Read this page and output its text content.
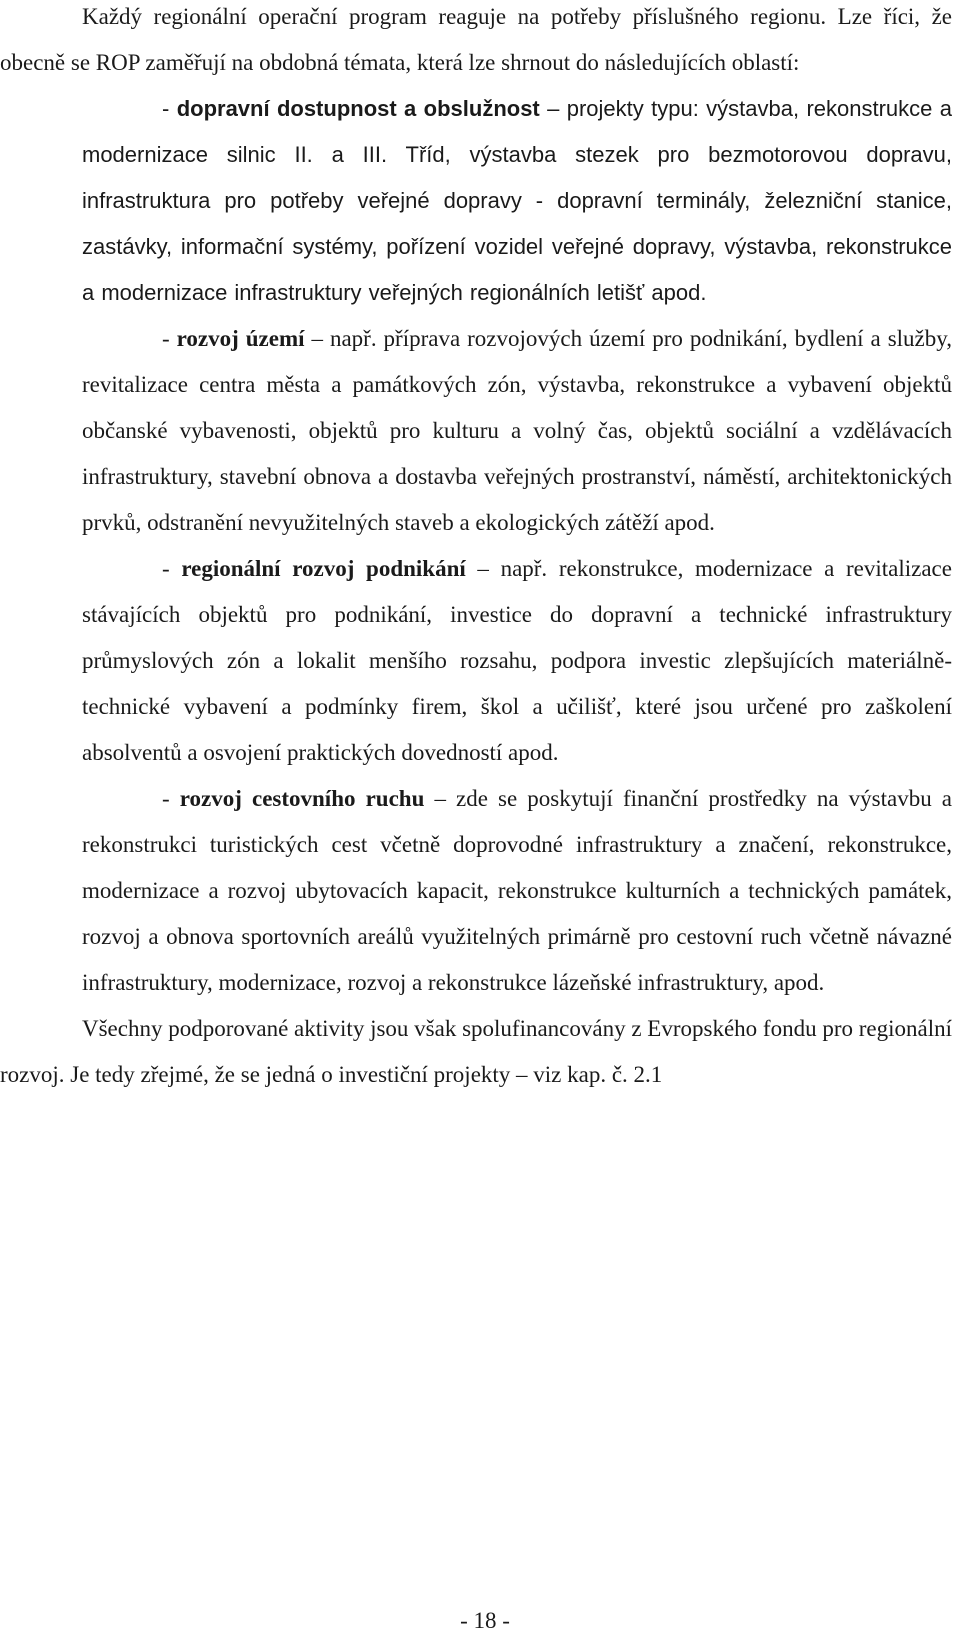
Každý regionální operační program reaguje na potřeby příslušného regionu. Lze říci, že obecně se ROP zaměřují na obdobná témata, která lze shrnout do následujících oblastí:

- dopravní dostupnost a obslužnost – projekty typu: výstavba, rekonstrukce a modernizace silnic II. a III. Tříd, výstavba stezek pro bezmotorovou dopravu, infrastruktura pro potřeby veřejné dopravy - dopravní terminály, železniční stanice, zastávky, informační systémy, pořízení vozidel veřejné dopravy, výstavba, rekonstrukce a modernizace infrastruktury veřejných regionálních letišť apod.

- rozvoj území – např. příprava rozvojových území pro podnikání, bydlení a služby, revitalizace centra města a památkových zón, výstavba, rekonstrukce a vybavení objektů občanské vybavenosti, objektů pro kulturu a volný čas, objektů sociální a vzdělávacích infrastruktury, stavební obnova a dostavba veřejných prostranství, náměstí, architektonických prvků, odstranění nevyužitelných staveb a ekologických zátěží apod.

- regionální rozvoj podnikání – např. rekonstrukce, modernizace a revitalizace stávajících objektů pro podnikání, investice do dopravní a technické infrastruktury průmyslových zón a lokalit menšího rozsahu, podpora investic zlepšujících materiálně-technické vybavení a podmínky firem, škol a učilišť, které jsou určené pro zaškolení absolventů a osvojení praktických dovedností apod.

- rozvoj cestovního ruchu – zde se poskytují finanční prostředky na výstavbu a rekonstrukci turistických cest včetně doprovodné infrastruktury a značení, rekonstrukce, modernizace a rozvoj ubytovacích kapacit, rekonstrukce kulturních a technických památek, rozvoj a obnova sportovních areálů využitelných primárně pro cestovní ruch včetně návazné infrastruktury, modernizace, rozvoj a rekonstrukce lázeňské infrastruktury, apod.

Všechny podporované aktivity jsou však spolufinancovány z Evropského fondu pro regionální rozvoj. Je tedy zřejmé, že se jedná o investiční projekty – viz kap. č. 2.1

- 18 -
